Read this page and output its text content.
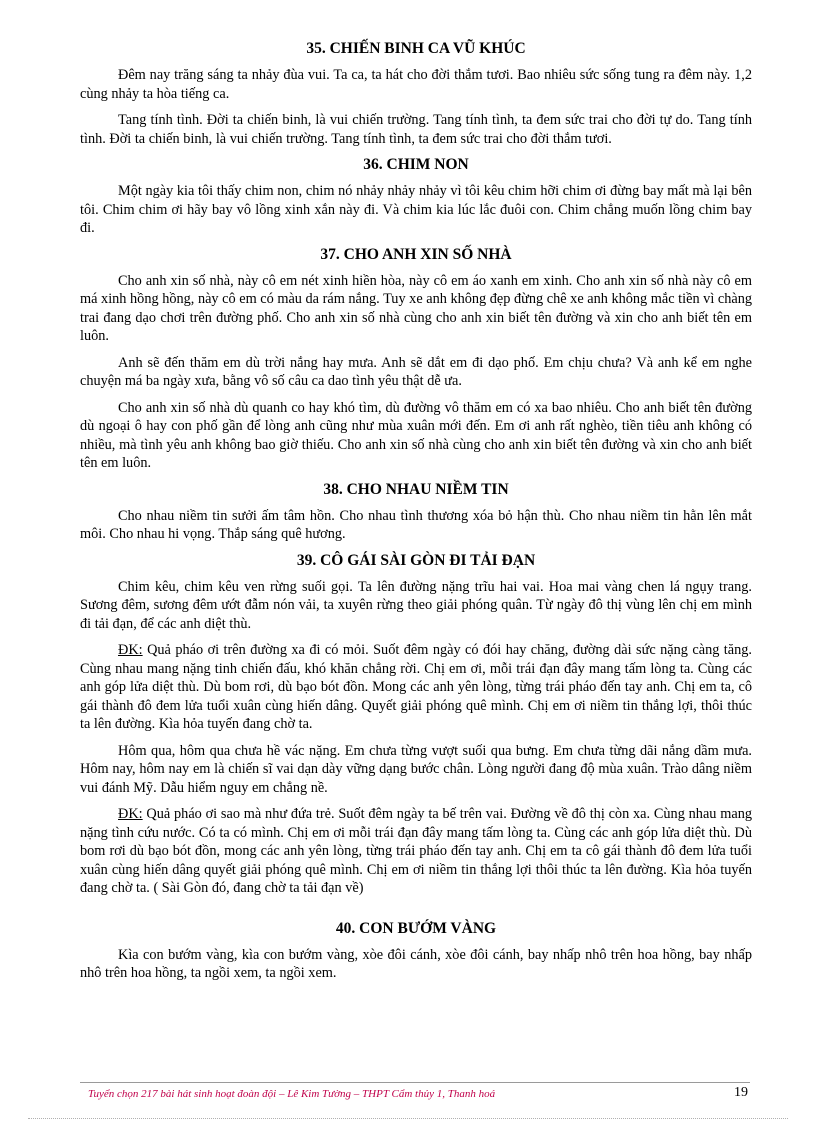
35. CHIẾN BINH CA VŨ KHÚC

Đêm nay trăng sáng ta nhảy đùa vui. Ta ca, ta hát cho đời thắm tươi. Bao nhiêu sức sống tung ra đêm này. 1,2 cùng nhảy ta hòa tiếng ca.

Tang tính tình. Đời ta chiến binh, là vui chiến trường. Tang tính tình, ta đem sức trai cho đời tự do. Tang tính tình. Đời ta chiến binh, là vui chiến trường. Tang tính tình, ta đem sức trai cho đời thắm tươi.

36. CHIM NON

Một ngày kia tôi thấy chim non, chim nó nhảy nhảy nhảy vì tôi kêu chim hỡi chim ơi đừng bay mất mà lại bên tôi. Chim chim ơi hãy bay vô lồng xinh xắn này đi. Và chim kia lúc lắc đuôi con. Chim chẳng muốn lồng chim bay đi.

37. CHO ANH XIN SỐ NHÀ

Cho anh xin số nhà, này cô em nét xinh hiền hòa, này cô em áo xanh em xinh. Cho anh xin số nhà này cô em má xinh hồng hồng, này cô em có màu da rám nắng. Tuy xe anh không đẹp đừng chê xe anh không mắc tiền vì chàng trai đang dạo chơi trên đường phố. Cho anh xin số nhà cùng cho anh xin biết tên đường và xin cho anh biết tên em luôn.

Anh sẽ đến thăm em dù trời nắng hay mưa. Anh sẽ dắt em đi dạo phố. Em chịu chưa? Và anh kể em nghe chuyện má ba ngày xưa, bằng vô số câu ca dao tình yêu thật dễ ưa.

Cho anh xin số nhà dù quanh co hay khó tìm, dù đường vô thăm em có xa bao nhiêu. Cho anh biết tên đường dù ngoại ô hay con phố gần để lòng anh cũng như mùa xuân mới đến. Em ơi anh rất nghèo, tiền tiêu anh không có nhiều, mà tình yêu anh không bao giờ thiếu. Cho anh xin số nhà cùng cho anh xin biết tên đường và xin cho anh biết tên em luôn.

38. CHO NHAU NIỀM TIN

Cho nhau niềm tin sưởi ấm tâm hồn. Cho nhau tình thương xóa bỏ hận thù. Cho nhau niềm tin hằn lên mắt môi. Cho nhau hi vọng. Thắp sáng quê hương.

39. CÔ GÁI SÀI GÒN ĐI TẢI ĐẠN

Chim kêu, chim kêu ven rừng suối gọi. Ta lên đường nặng trĩu hai vai. Hoa mai vàng chen lá ngụy trang. Sương đêm, sương đêm ướt đẫm nón vải, ta xuyên rừng theo giải phóng quân. Từ ngày đô thị vùng lên chị em mình đi tải đạn, để các anh diệt thù.

ĐK: Quả pháo ơi trên đường xa đi có mỏi. Suốt đêm ngày có đói hay chăng, đường dài sức nặng càng tăng. Cùng nhau mang nặng tinh chiến đấu, khó khăn chẳng rời. Chị em ơi, mỗi trái đạn đây mang tấm lòng ta. Cùng các anh góp lửa diệt thù. Dù bom rơi, dù bạo bót đồn. Mong các anh yên lòng, từng trái pháo đến tay anh. Chị em ta, cô gái thành đô đem lửa tuổi xuân cùng hiến dâng. Quyết giải phóng quê mình. Chị em ơi niềm tin thắng lợi, thôi thúc ta lên đường. Kìa hỏa tuyến đang chờ ta.

Hôm qua, hôm qua chưa hề vác nặng. Em chưa từng vượt suối qua bưng. Em chưa từng dãi nắng dầm mưa. Hôm nay, hôm nay em là chiến sĩ vai dạn dày vững dạng bước chân. Lòng người đang độ mùa xuân. Trào dâng niềm vui đánh Mỹ. Dẫu hiểm nguy em chẳng nề.

ĐK: Quả pháo ơi sao mà như đứa trẻ. Suốt đêm ngày ta bế trên vai. Đường về đô thị còn xa. Cùng nhau mang nặng tình cứu nước. Có ta có mình. Chị em ơi mỗi trái đạn đây mang tấm lòng ta. Cùng các anh góp lửa diệt thù. Dù bom rơi dù bạo bót đồn, mong các anh yên lòng, từng trái pháo đến tay anh. Chị em ta cô gái thành đô đem lửa tuổi xuân cùng hiến dâng quyết giải phóng quê mình. Chị em ơi niềm tin thắng lợi thôi thúc ta lên đường. Kìa hỏa tuyến đang chờ ta. ( Sài Gòn đó, đang chờ ta tải đạn về)

40. CON BƯỚM VÀNG

Kìa con bướm vàng, kìa con bướm vàng, xòe đôi cánh, xòe đôi cánh, bay nhấp nhô trên hoa hồng, bay nhấp nhô trên hoa hồng, ta ngồi xem, ta ngồi xem.

Tuyển chọn 217 bài hát sinh hoạt đoàn đội – Lê Kim Tường – THPT Cẩm thủy 1, Thanh hoá	19
